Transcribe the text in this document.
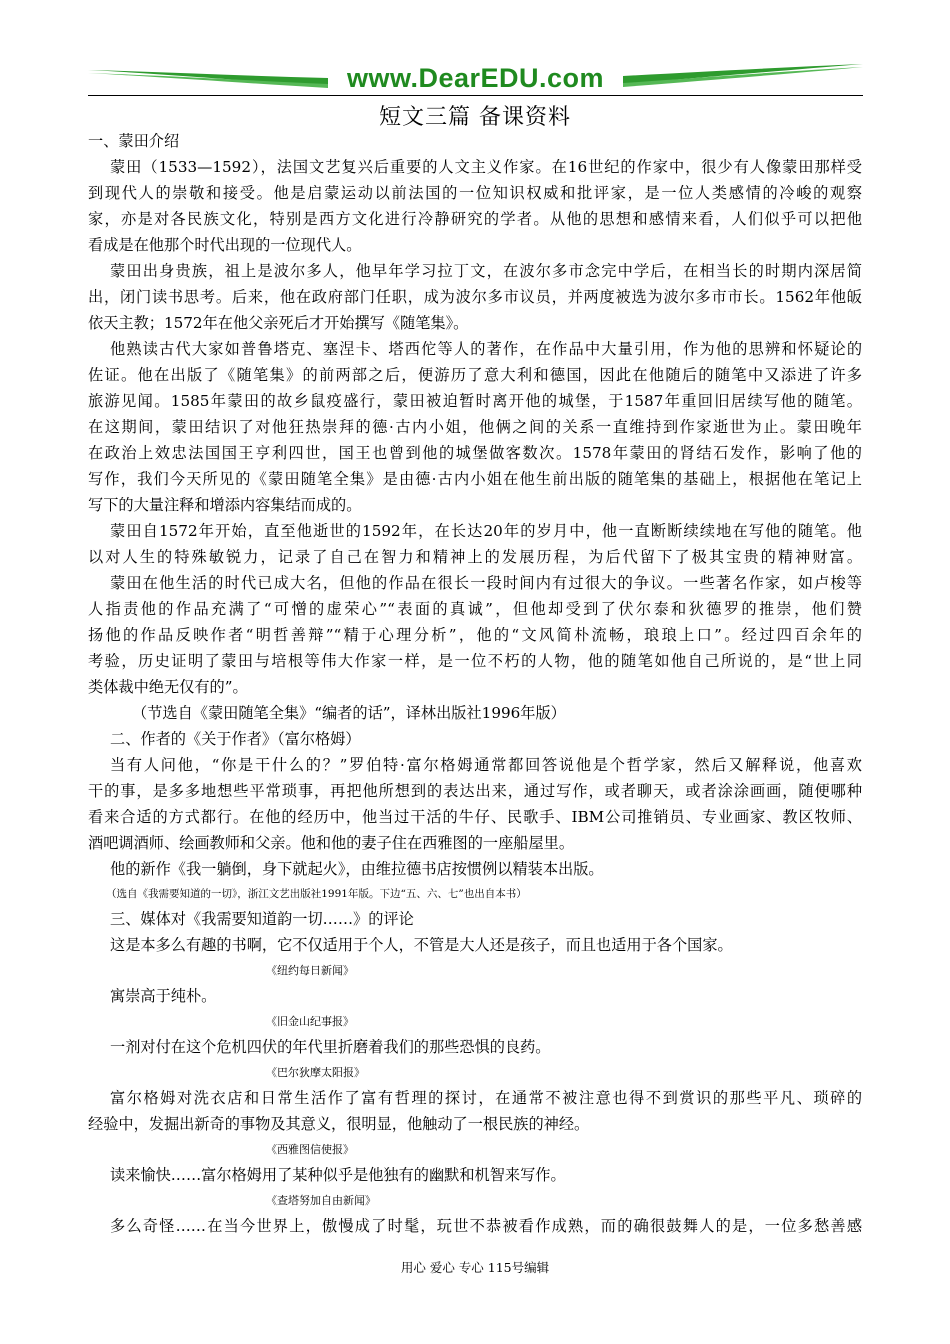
www.DearEDU.com
短文三篇 备课资料
一、蒙田介绍
蒙田（1533—1592），法国文艺复兴后重要的人文主义作家。在16世纪的作家中，很少有人像蒙田那样受
到现代人的崇敬和接受。他是启蒙运动以前法国的一位知识权威和批评家，是一位人类感情的冷峻的观察
家，亦是对各民族文化，特别是西方文化进行冷静研究的学者。从他的思想和感情来看，人们似乎可以把他
看成是在他那个时代出现的一位现代人。
蒙田出身贵族，祖上是波尔多人，他早年学习拉丁文，在波尔多市念完中学后，在相当长的时期内深居简
出，闭门读书思考。后来，他在政府部门任职，成为波尔多市议员，并两度被选为波尔多市市长。1562年他皈
依天主教；1572年在他父亲死后才开始撰写《随笔集》。
他熟读古代大家如普鲁塔克、塞涅卡、塔西佗等人的著作，在作品中大量引用，作为他的思辨和怀疑论的
佐证。他在出版了《随笔集》的前两部之后，便游历了意大利和德国，因此在他随后的随笔中又添进了许多
旅游见闻。1585年蒙田的故乡鼠疫盛行，蒙田被迫暂时离开他的城堡，于1587年重回旧居续写他的随笔。
在这期间，蒙田结识了对他狂热崇拜的德·古内小姐，他俩之间的关系一直维持到作家逝世为止。蒙田晚年
在政治上效忠法国国王亨利四世，国王也曾到他的城堡做客数次。1578年蒙田的肾结石发作，影响了他的
写作，我们今天所见的《蒙田随笔全集》是由德·古内小姐在他生前出版的随笔集的基础上，根据他在笔记上
写下的大量注释和增添内容集结而成的。
蒙田自1572年开始，直至他逝世的1592年，在长达20年的岁月中，他一直断断续续地在写他的随笔。他
以对人生的特殊敏锐力，记录了自己在智力和精神上的发展历程，为后代留下了极其宝贵的精神财富。
蒙田在他生活的时代已成大名，但他的作品在很长一段时间内有过很大的争议。一些著名作家，如卢梭等
人指责他的作品充满了“可憎的虚荣心”“表面的真诚”，但他却受到了伏尔泰和狄德罗的推崇，他们赞
扬他的作品反映作者“明哲善辩”“精于心理分析”，他的“文风简朴流畅，琅琅上口”。经过四百余年的
考验，历史证明了蒙田与培根等伟大作家一样，是一位不朽的人物，他的随笔如他自己所说的，是“世上同
类体裁中绝无仅有的”。
（节选自《蒙田随笔全集》“编者的话”，译林出版社1996年版）
二、作者的《关于作者》（富尔格姆）
当有人问他，“你是干什么的？”罗伯特·富尔格姆通常都回答说他是个哲学家，然后又解释说，他喜欢
干的事，是多多地想些平常琐事，再把他所想到的表达出来，通过写作，或者聊天，或者涂涂画画，随便哪种
看来合适的方式都行。在他的经历中，他当过干活的牛仔、民歌手、IBM公司推销员、专业画家、教区牧师、
酒吧调酒师、绘画教师和父亲。他和他的妻子住在西雅图的一座船屋里。
他的新作《我一躺倒，身下就起火》，由维拉德书店按惯例以精装本出版。
（选自《我需要知道的一切》，浙江文艺出版社1991年版。下边“五、六、七”也出自本书）
三、媒体对《我需要知道韵一切……》的评论
这是本多么有趣的书啊，它不仅适用于个人，不管是大人还是孩子，而且也适用于各个国家。
《纽约每日新闻》
寓崇高于纯朴。
《旧金山纪事报》
一剂对付在这个危机四伏的年代里折磨着我们的那些恐惧的良药。
《巴尔狄摩太阳报》
富尔格姆对洗衣店和日常生活作了富有哲理的探讨，在通常不被注意也得不到赏识的那些平凡、琐碎的
经验中，发掘出新奇的事物及其意义，很明显，他触动了一根民族的神经。
《西雅图信使报》
读来愉快……富尔格姆用了某种似乎是他独有的幽默和机智来写作。
《查塔努加自由新闻》
多么奇怪……在当今世界上，傲慢成了时髦，玩世不恭被看作成熟，而的确很鼓舞人的是，一位多愁善感
用心 爱心 专心 115号编辑
